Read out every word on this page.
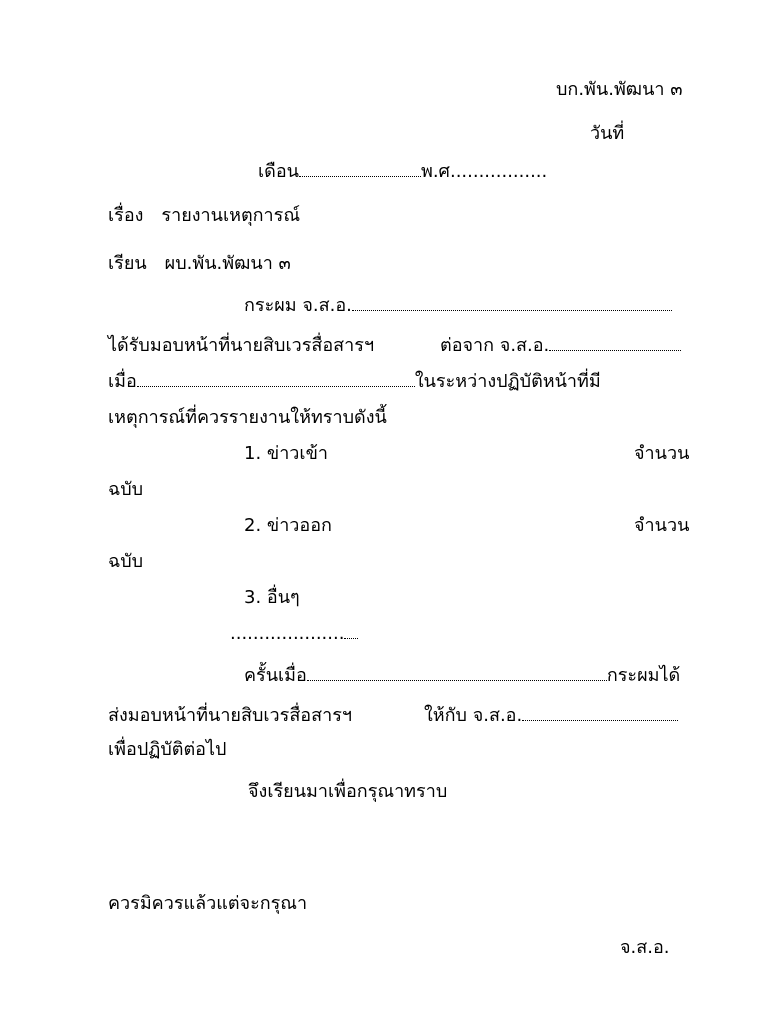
บก.พัน.พัฒนา ๓
วันที่
เดือน	พ.ศ.................
เรื่อง รายงานเหตุการณ์
เรียน ผบ.พัน.พัฒนา ๓
กระผม จ.ส.อ.
ได้รับมอบหน้าที่นายสิบเวรสื่อสารฯ	ต่อจาก จ.ส.อ.
เมื่อ	ในระหว่างปฏิบัติหน้าที่มี
เหตุการณ์ที่ควรรายงานให้ทราบดังนี้
1. ข่าวเข้า	จำนวน
ฉบับ
2. ข่าวออก	จำนวน
ฉบับ
3. อื่นๆ
....................
ครั้นเมื่อ	กระผมได้
ส่งมอบหน้าที่นายสิบเวรสื่อสารฯ	ให้กับ จ.ส.อ.
เพื่อปฏิบัติต่อไป
จึงเรียนมาเพื่อกรุณาทราบ
ควรมิควรแล้วแต่จะกรุณา
จ.ส.อ.
